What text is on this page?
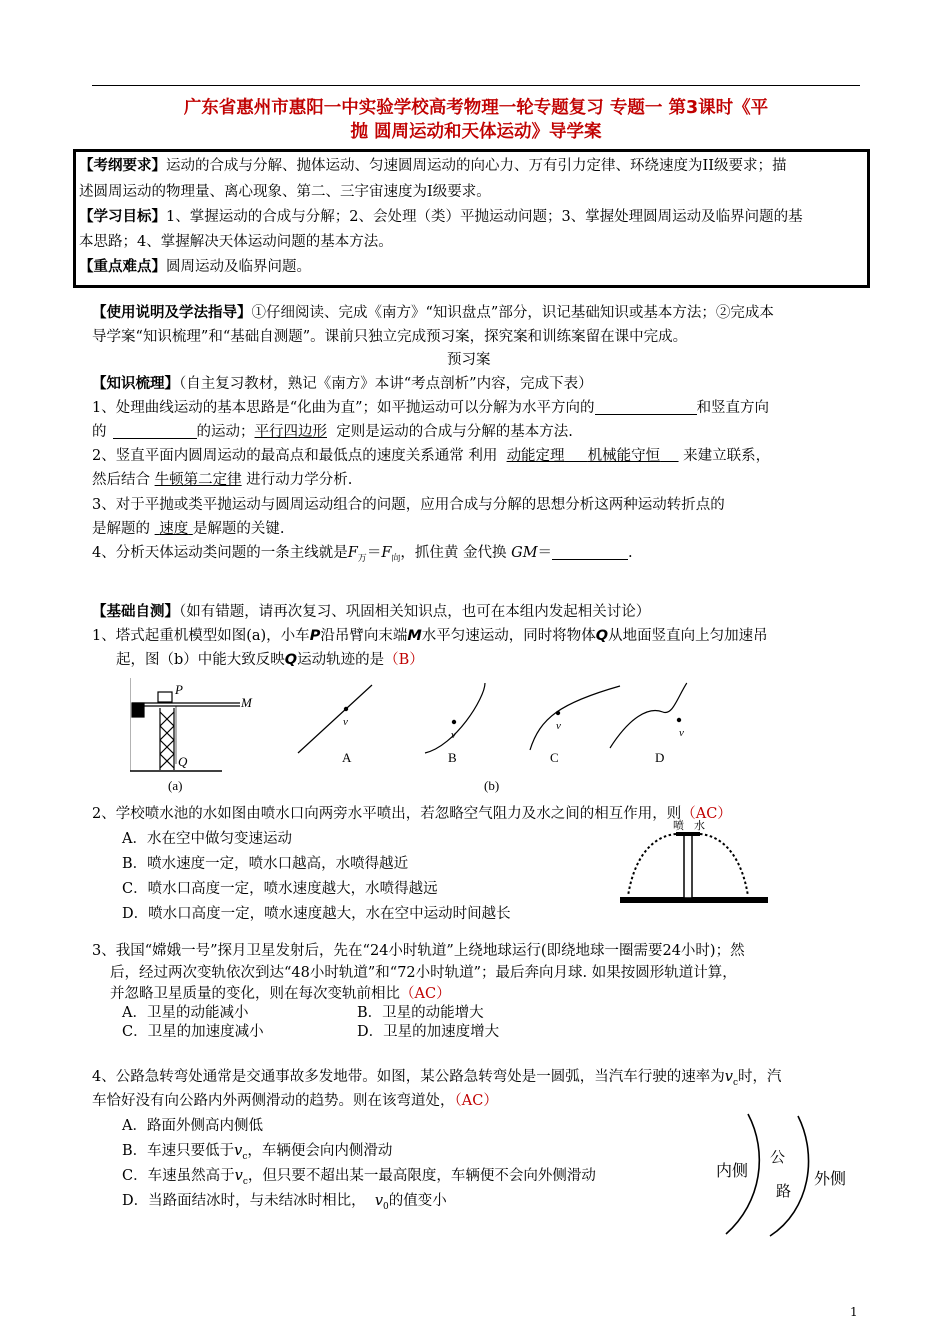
广东省惠州市惠阳一中实验学校高考物理一轮专题复习 专题一 第3课时《平
抛 圆周运动和天体运动》导学案
【考纲要求】运动的合成与分解、抛体运动、匀速圆周运动的向心力、万有引力定律、环绕速度为II级要求；描
述圆周运动的物理量、离心现象、第二、三宇宙速度为I级要求。
【学习目标】1、掌握运动的合成与分解；2、会处理（类）平抛运动问题；3、掌握处理圆周运动及临界问题的基
本思路；4、掌握解决天体运动问题的基本方法。
【重点难点】圆周运动及临界问题。
【使用说明及学法指导】①仔细阅读、完成《南方》“知识盘点”部分，识记基础知识或基本方法；②完成本
导学案“知识梳理”和“基础自测题”。课前只独立完成预习案，探究案和训练案留在课中完成。
预习案
【知识梳理】（自主复习教材，熟记《南方》本讲“考点剖析”内容，完成下表）
1、处理曲线运动的基本思路是“化曲为直”；如平抛运动可以分解为水平方向的	和竖直方向
的	的运动；平行四边形 定则是运动的合成与分解的基本方法.
2、竖直平面内圆周运动的最高点和最低点的速度关系通常 利用 动能定理 机械能守恒 来建立联系，
然后结合 牛顿第二定律 进行动力学分析.
3、对于平抛或类平抛运动与圆周运动组合的问题，应用合成与分解的思想分析这两种运动转折点的
是解题的 速度 是解题的关键.
4、分析天体运动类问题的一条主线就是$F_万=F_向$，抓住黄 金代换 GM＝	.
【基础自测】（如有错题，请再次复习、巩固相关知识点，也可在本组内发起相关讨论）
1、塔式起重机模型如图(a)，小车P沿吊臂向末端M水平匀速运动，同时将物体Q从地面竖直向上匀加速吊
起，图（b）中能大致反映Q运动轨迹的是（B）
P
M
Q
(a)
v
v
v
v
A	B	C	D
(b)
2、学校喷水池的水如图由喷水口向两旁水平喷出，若忽略空气阻力及水之间的相互作用，则（AC）
A．水在空中做匀变速运动
B．喷水速度一定，喷水口越高，水喷得越近
C．喷水口高度一定，喷水速度越大，水喷得越远
D．喷水口高度一定，喷水速度越大，水在空中运动时间越长
喷 水
3、我国“嫦娥一号”探月卫星发射后，先在“24小时轨道”上绕地球运行(即绕地球一圈需要24小时)；然
后，经过两次变轨依次到达“48小时轨道”和“72小时轨道”；最后奔向月球. 如果按圆形轨道计算，
并忽略卫星质量的变化，则在每次变轨前相比（AC）
A．卫星的动能减小	B．卫星的动能增大
C．卫星的加速度减小	D．卫星的加速度增大
4、公路急转弯处通常是交通事故多发地带。如图，某公路急转弯处是一圆弧，当汽车行驶的速率为$v_c$时，汽
车恰好没有向公路内外两侧滑动的趋势。则在该弯道处，（AC）
A．路面外侧高内侧低
B．车速只要低于$v_c$，车辆便会向内侧滑动
C．车速虽然高于$v_c$，但只要不超出某一最高限度，车辆便不会向外侧滑动
D．当路面结冰时，与未结冰时相比， $v_0$的值变小
内侧
公
路
外侧
1
